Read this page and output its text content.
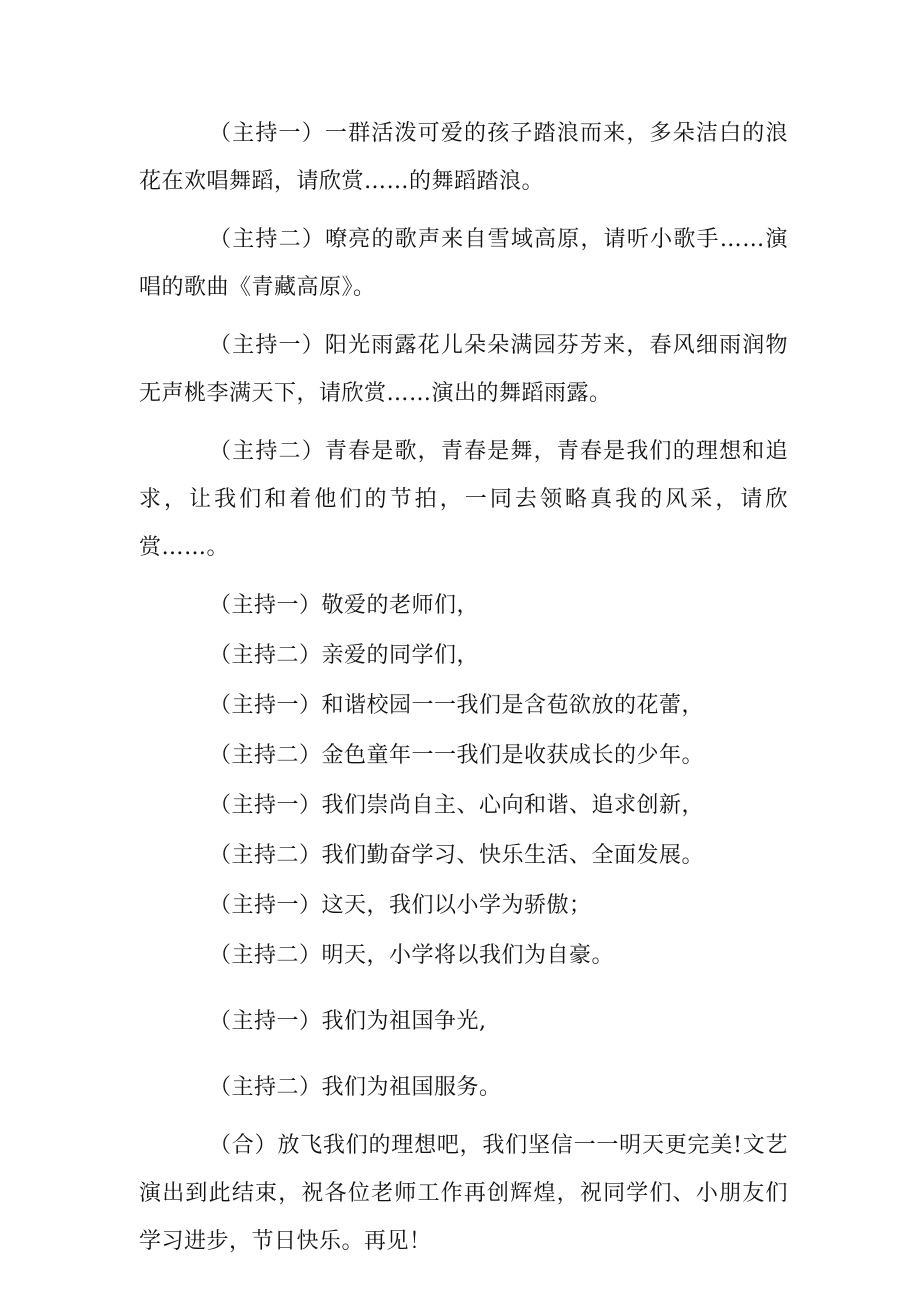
（主持一）一群活泼可爱的孩子踏浪而来，多朵洁白的浪花在欢唱舞蹈，请欣赏……的舞蹈踏浪。

（主持二）嘹亮的歌声来自雪域高原，请听小歌手……演唱的歌曲《青藏高原》。

（主持一）阳光雨露花儿朵朵满园芬芳来，春风细雨润物无声桃李满天下，请欣赏……演出的舞蹈雨露。

（主持二）青春是歌，青春是舞，青春是我们的理想和追求，让我们和着他们的节拍，一同去领略真我的风采，请欣赏……。

（主持一）敬爱的老师们，

（主持二）亲爱的同学们，

（主持一）和谐校园一一我们是含苞欲放的花蕾，

（主持二）金色童年一一我们是收获成长的少年。

（主持一）我们崇尚自主、心向和谐、追求创新，

（主持二）我们勤奋学习、快乐生活、全面发展。

（主持一）这天，我们以小学为骄傲；

（主持二）明天，小学将以我们为自豪。

（主持一）我们为祖国争光,

（主持二）我们为祖国服务。

（合）放飞我们的理想吧，我们坚信一一明天更完美!文艺演出到此结束，祝各位老师工作再创辉煌，祝同学们、小朋友们学习进步，节日快乐。再见！
